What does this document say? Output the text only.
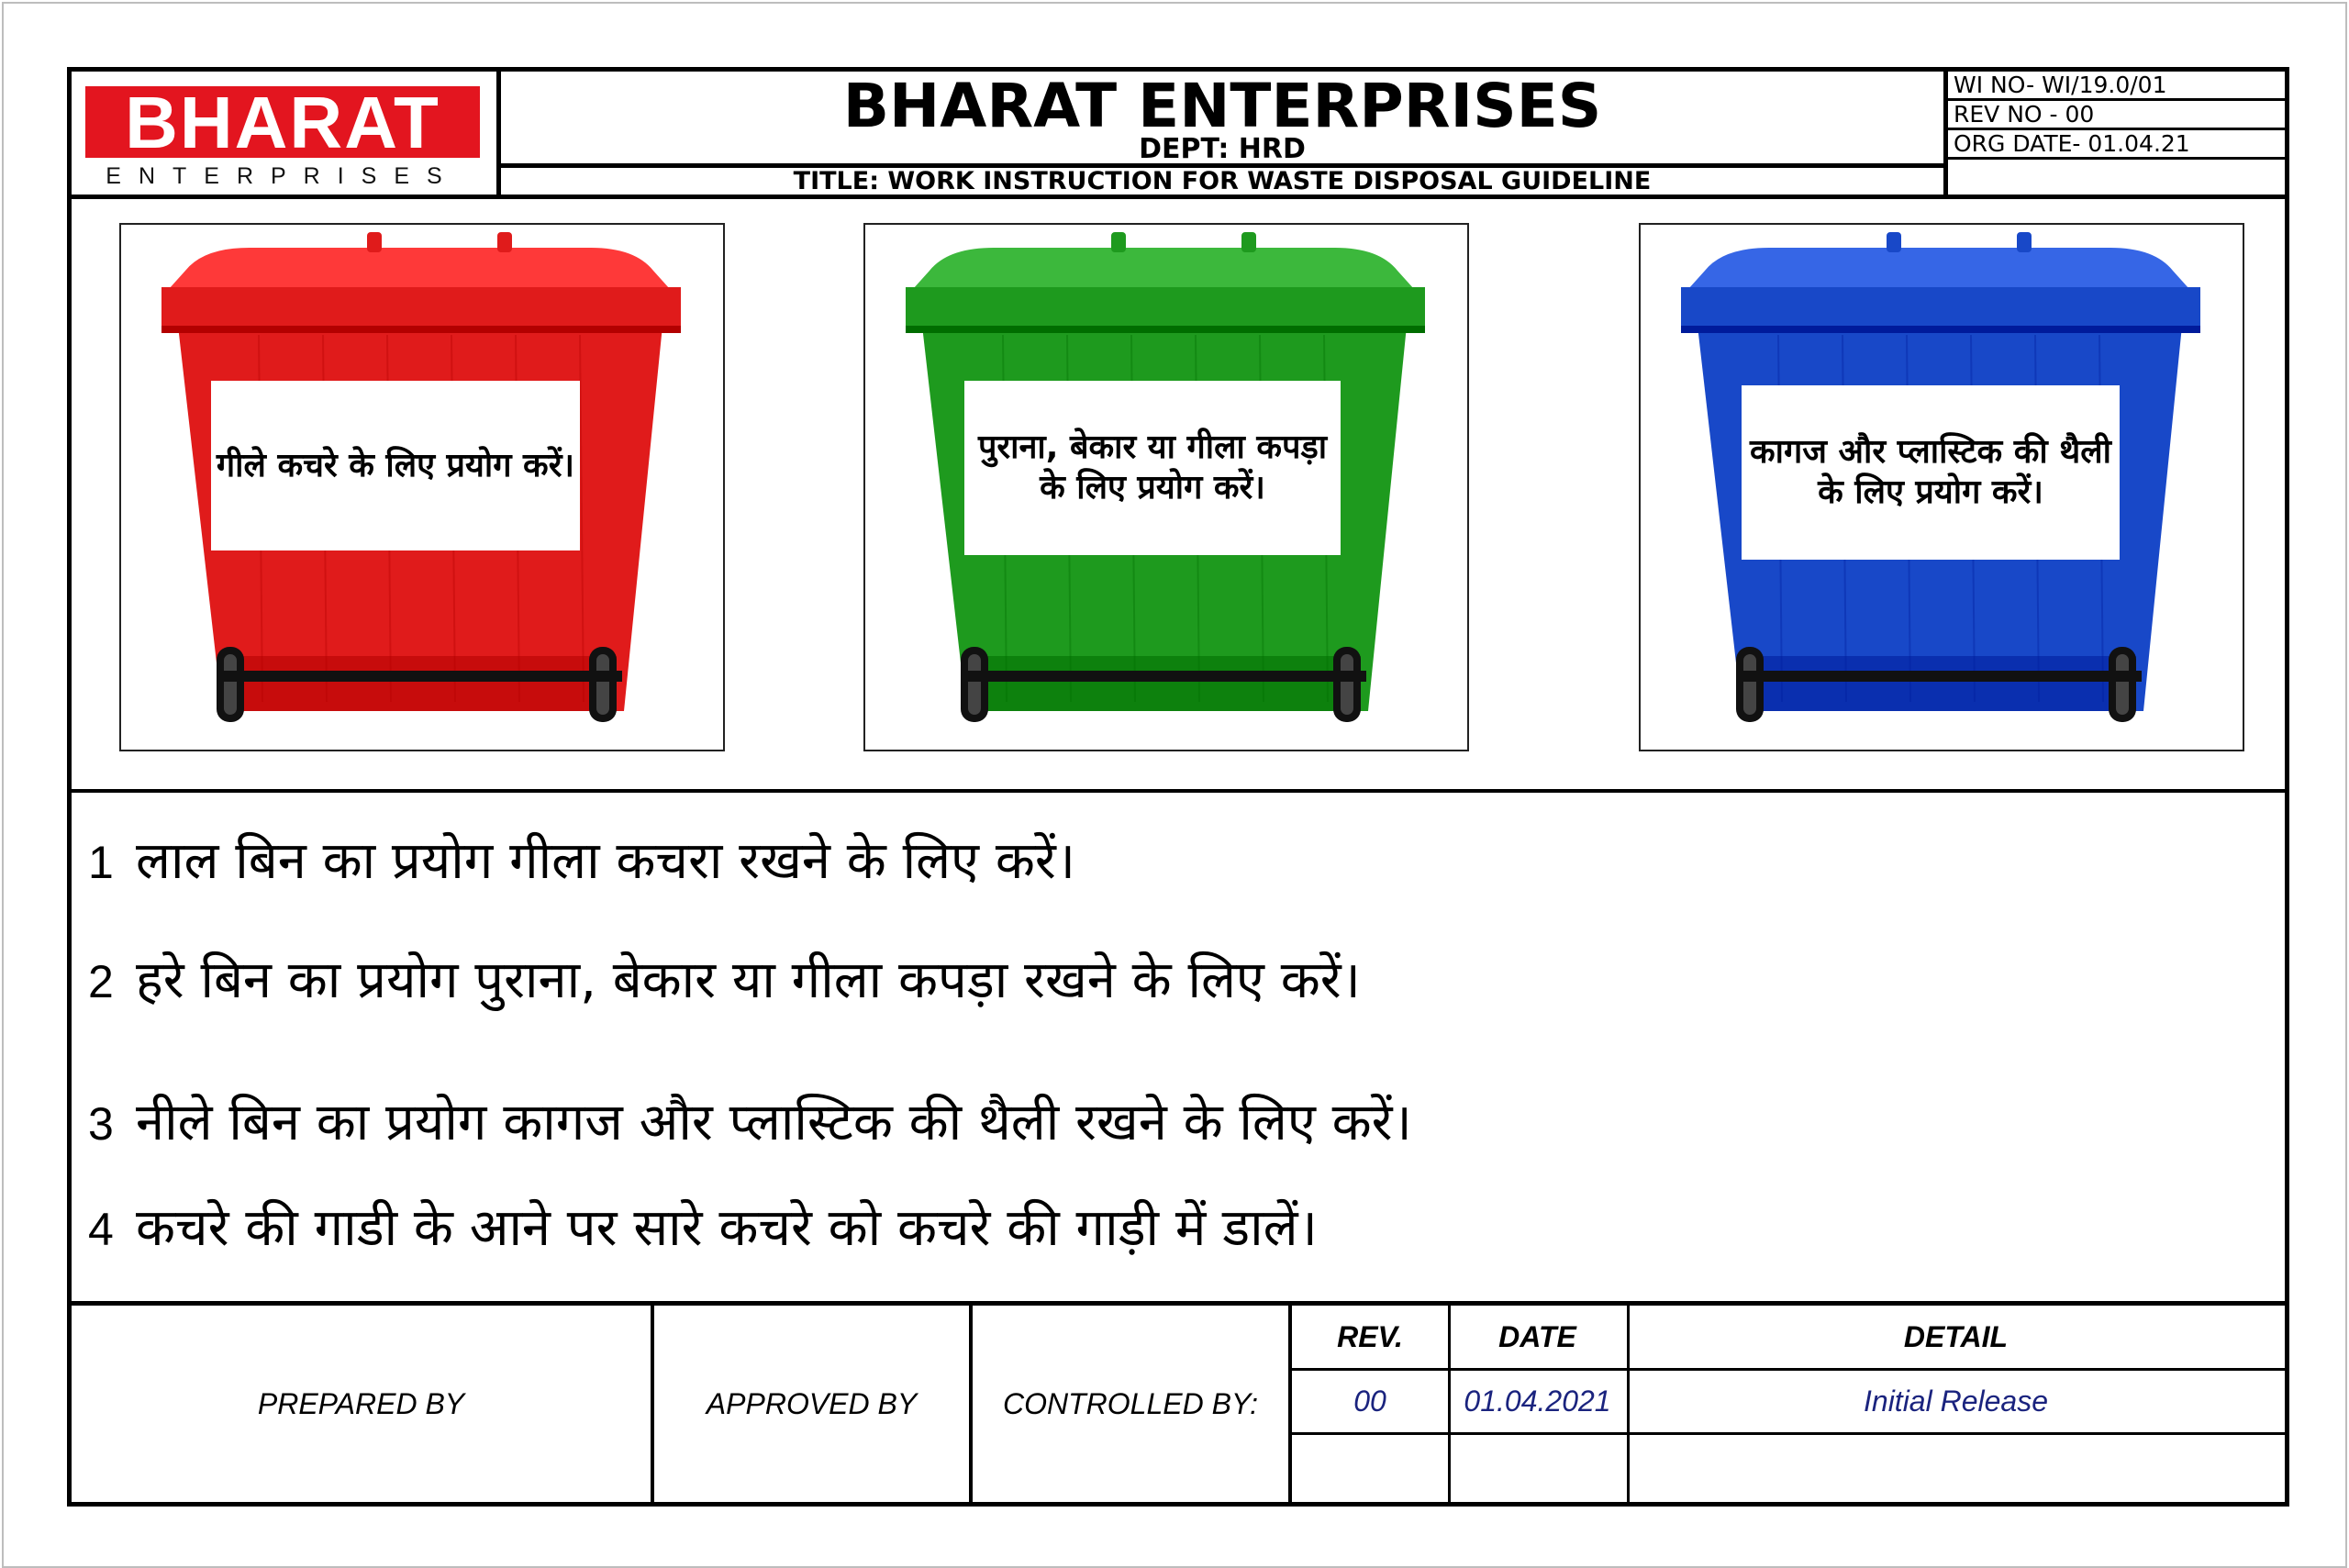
BHARAT
ENTERPRISES
BHARAT ENTERPRISES
DEPT: HRD
TITLE: WORK INSTRUCTION FOR WASTE DISPOSAL GUIDELINE
WI NO- WI/19.0/01
REV NO - 00
ORG DATE- 01.04.21
गीले कचरे के लिए प्रयोग करें।	पुराना, बेकार या गीला कपड़ा के लिए प्रयोग करें।
कागज और प्लास्टिक की थैली के लिए प्रयोग करें।
1 लाल बिन का प्रयोग गीला कचरा रखने के लिए करें।
2 हरे बिन का प्रयोग पुराना, बेकार या गीला कपड़ा रखने के लिए करें।
3 नीले बिन का प्रयोग कागज और प्लास्टिक की थैली रखने के लिए करें।
4 कचरे की गाडी के आने पर सारे कचरे को कचरे की गाड़ी में डालें।
PREPARED BY	APPROVED BY	CONTROLLED BY:
REV.	DATE	DETAIL
00	01.04.2021	Initial Release
